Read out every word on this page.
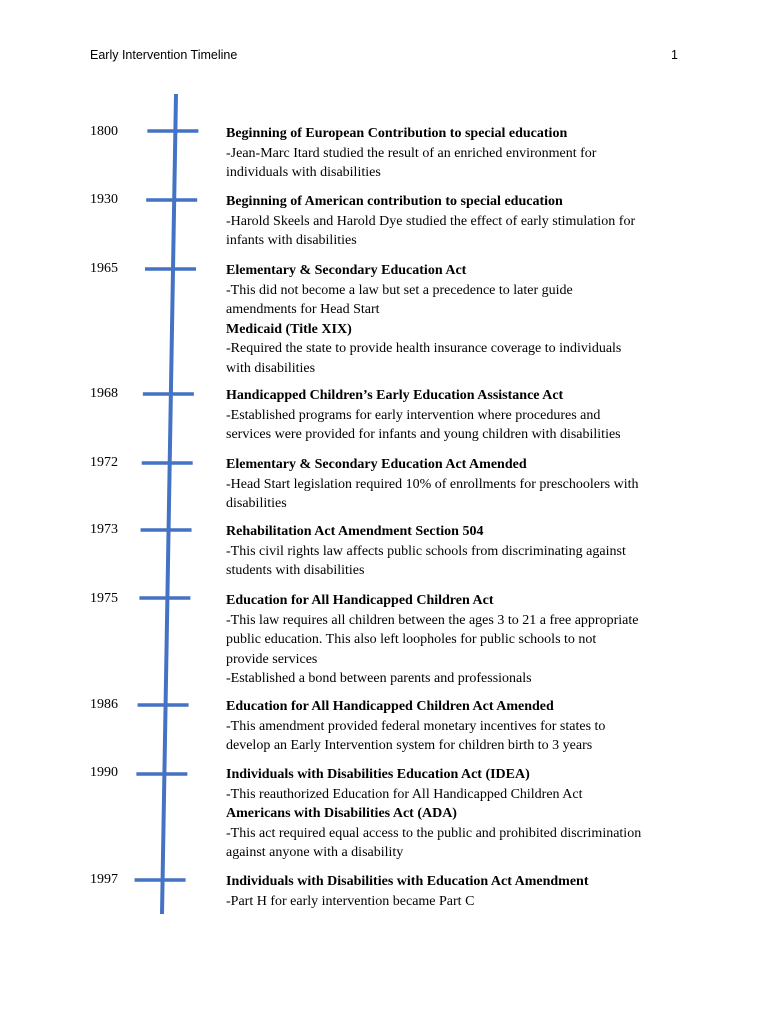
Early Intervention Timeline	1
1800	Beginning of European Contribution to special education
-Jean-Marc Itard studied the result of an enriched environment for
individuals with disabilities
1930	Beginning of American contribution to special education
-Harold Skeels and Harold Dye studied the effect of early stimulation for
infants with disabilities
1965	Elementary & Secondary Education Act
-This did not become a law but set a precedence to later guide
amendments for Head Start
Medicaid (Title XIX)
-Required the state to provide health insurance coverage to individuals
with disabilities
1968	Handicapped Children’s Early Education Assistance Act
-Established programs for early intervention where procedures and
services were provided for infants and young children with disabilities
1972	Elementary & Secondary Education Act Amended
-Head Start legislation required 10% of enrollments for preschoolers with
disabilities
1973	Rehabilitation Act Amendment Section 504
-This civil rights law affects public schools from discriminating against
students with disabilities
1975	Education for All Handicapped Children Act
-This law requires all children between the ages 3 to 21 a free appropriate
public education. This also left loopholes for public schools to not
provide services
-Established a bond between parents and professionals
1986	Education for All Handicapped Children Act Amended
-This amendment provided federal monetary incentives for states to
develop an Early Intervention system for children birth to 3 years
1990	Individuals with Disabilities Education Act (IDEA)
-This reauthorized Education for All Handicapped Children Act
Americans with Disabilities Act (ADA)
-This act required equal access to the public and prohibited discrimination
against anyone with a disability
1997	Individuals with Disabilities with Education Act Amendment
-Part H for early intervention became Part C
